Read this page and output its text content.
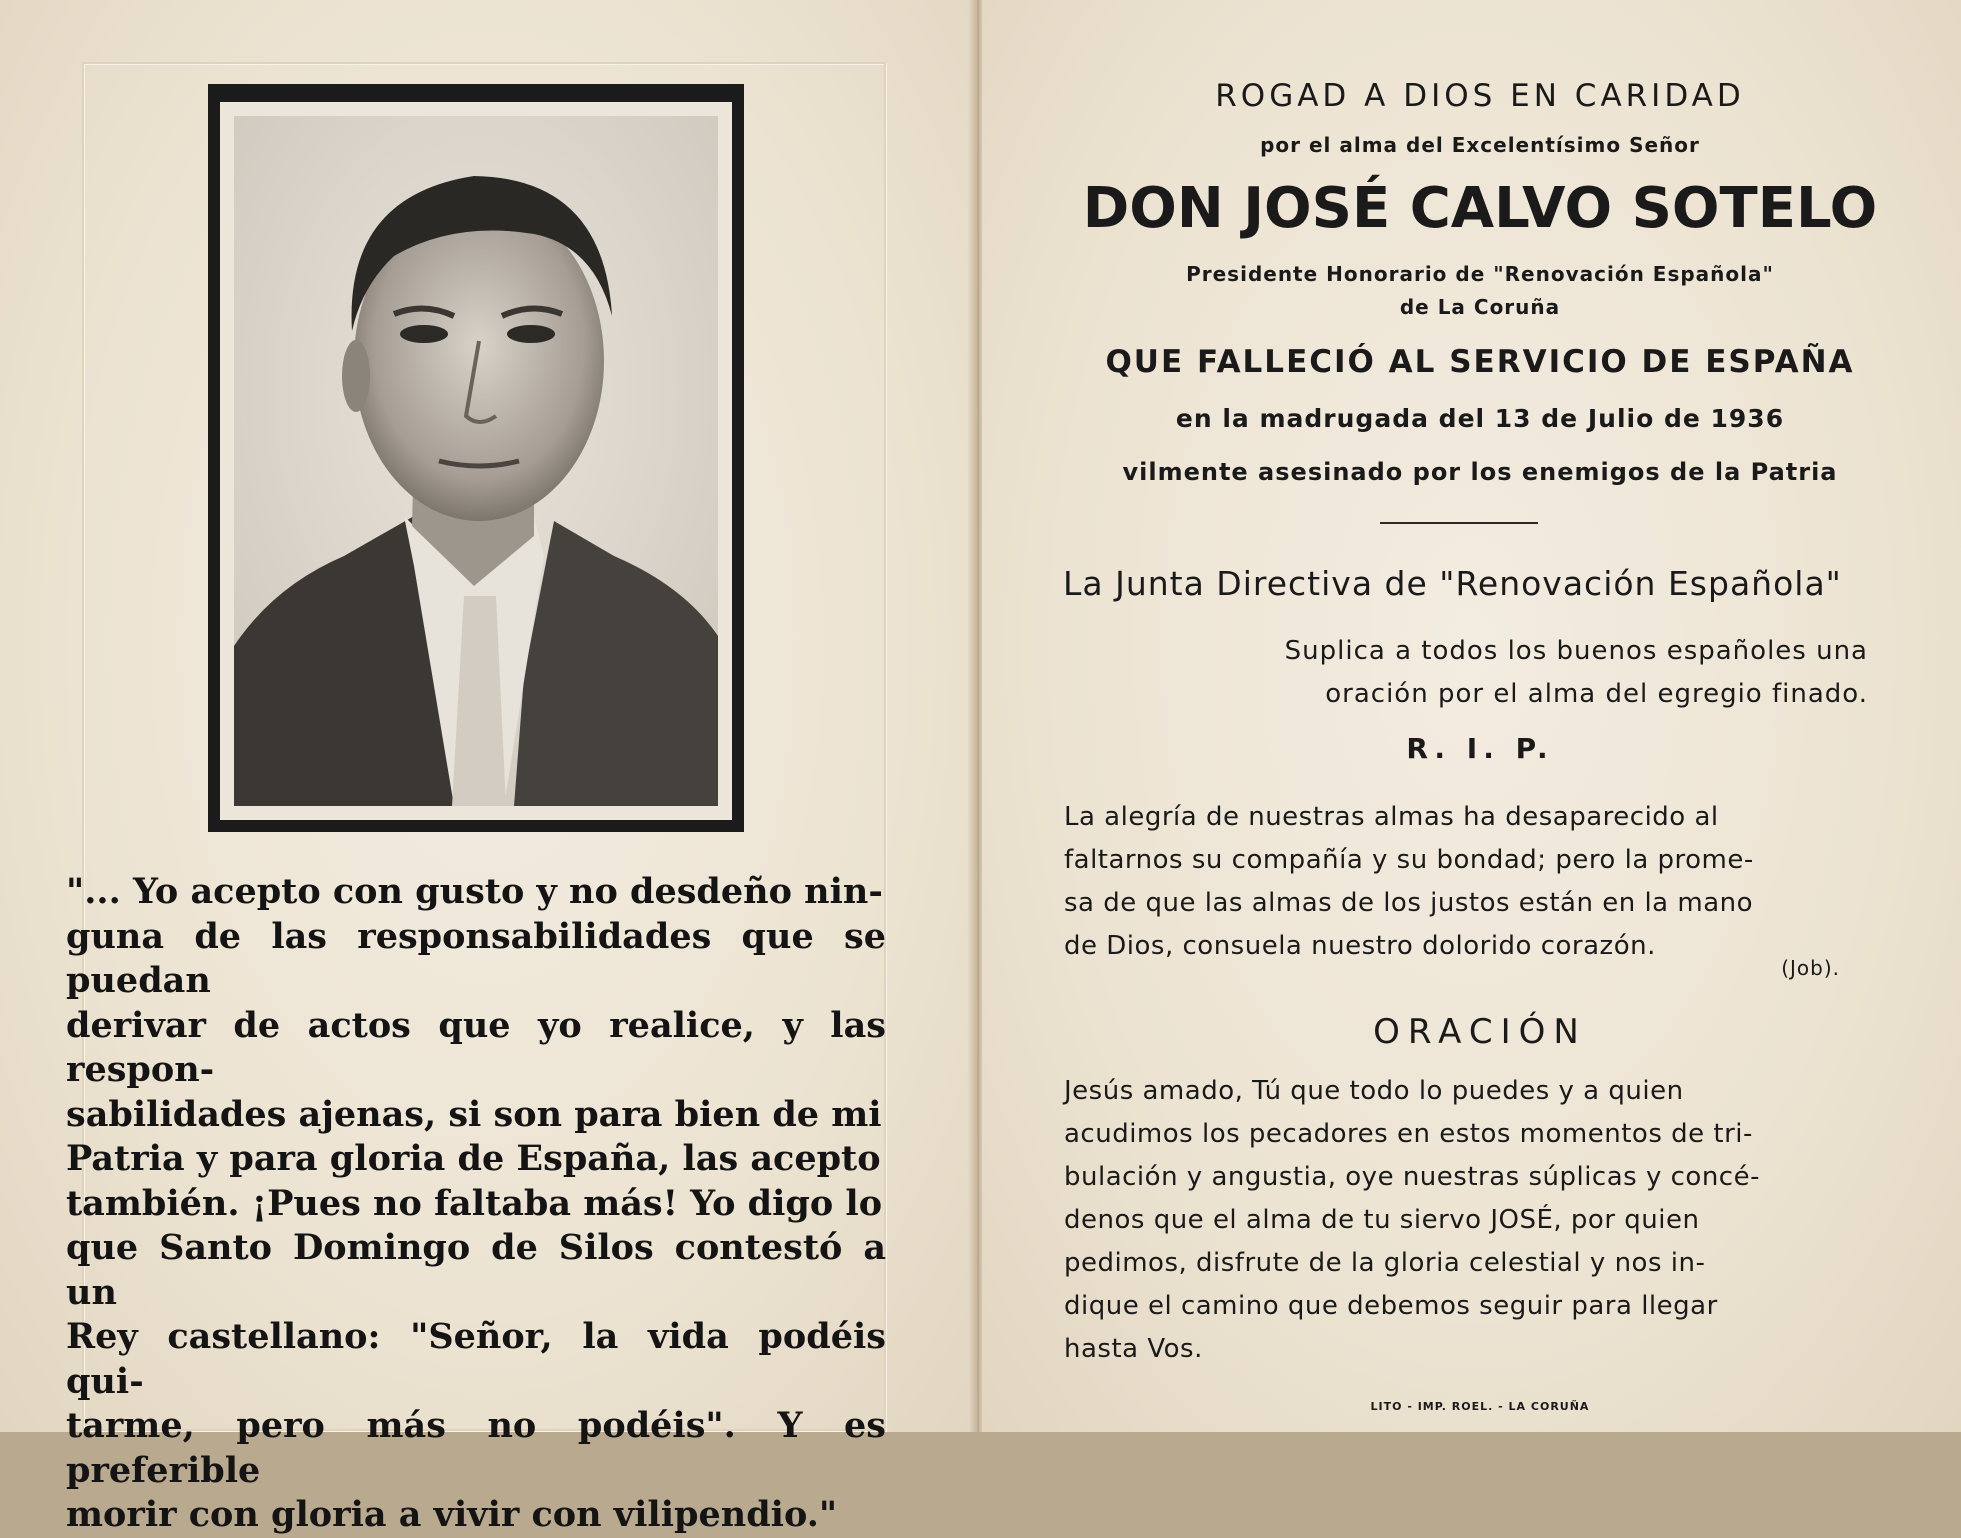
"... Yo acepto con gusto y no desdeño nin-
guna de las responsabilidades que se puedan
derivar de actos que yo realice, y las respon-
sabilidades ajenas, si son para bien de mi
Patria y para gloria de España, las acepto
también. ¡Pues no faltaba más! Yo digo lo
que Santo Domingo de Silos contestó a un
Rey castellano: "Señor, la vida podéis qui-
tarme, pero más no podéis". Y es preferible
morir con gloria a vivir con vilipendio."

ROGAD A DIOS EN CARIDAD
por el alma del Excelentísimo Señor
DON JOSÉ CALVO SOTELO
Presidente Honorario de "Renovación Española"
de La Coruña
QUE FALLECIÓ AL SERVICIO DE ESPAÑA
en la madrugada del 13 de Julio de 1936
vilmente asesinado por los enemigos de la Patria
La Junta Directiva de "Renovación Española"

Suplica a todos los buenos españoles una
oración por el alma del egregio finado.

R. I. P.

La alegría de nuestras almas ha desaparecido al
faltarnos su compañía y su bondad; pero la prome-
sa de que las almas de los justos están en la mano
de Dios, consuela nuestro dolorido corazón.

(Job).
ORACIÓN

Jesús amado, Tú que todo lo puedes y a quien
acudimos los pecadores en estos momentos de tri-
bulación y angustia, oye nuestras súplicas y concé-
denos que el alma de tu siervo JOSÉ, por quien
pedimos, disfrute de la gloria celestial y nos in-
dique el camino que debemos seguir para llegar
hasta Vos.

LITO - IMP. ROEL. - LA CORUÑA
